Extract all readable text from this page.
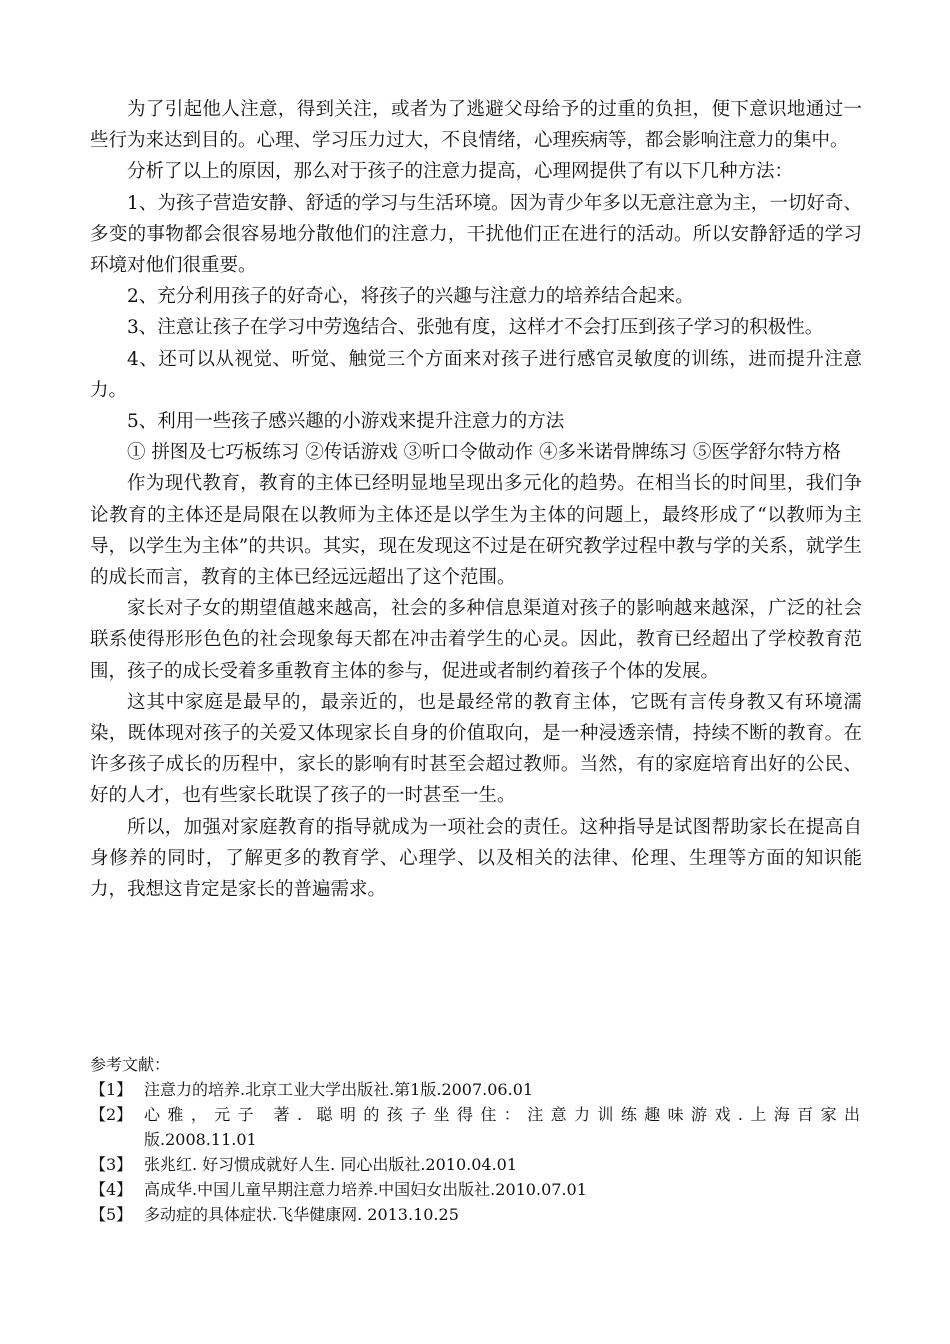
为了引起他人注意，得到关注，或者为了逃避父母给予的过重的负担，便下意识地通过一些行为来达到目的。心理、学习压力过大，不良情绪，心理疾病等，都会影响注意力的集中。

分析了以上的原因，那么对于孩子的注意力提高，心理网提供了有以下几种方法：

1、为孩子营造安静、舒适的学习与生活环境。因为青少年多以无意注意为主，一切好奇、多变的事物都会很容易地分散他们的注意力，干扰他们正在进行的活动。所以安静舒适的学习环境对他们很重要。

2、充分利用孩子的好奇心，将孩子的兴趣与注意力的培养结合起来。

3、注意让孩子在学习中劳逸结合、张弛有度，这样才不会打压到孩子学习的积极性。

4、还可以从视觉、听觉、触觉三个方面来对孩子进行感官灵敏度的训练，进而提升注意力。

5、利用一些孩子感兴趣的小游戏来提升注意力的方法

① 拼图及七巧板练习 ②传话游戏 ③听口令做动作 ④多米诺骨牌练习 ⑤医学舒尔特方格

作为现代教育，教育的主体已经明显地呈现出多元化的趋势。在相当长的时间里，我们争论教育的主体还是局限在以教师为主体还是以学生为主体的问题上，最终形成了“以教师为主导，以学生为主体”的共识。其实，现在发现这不过是在研究教学过程中教与学的关系，就学生的成长而言，教育的主体已经远远超出了这个范围。

家长对子女的期望值越来越高，社会的多种信息渠道对孩子的影响越来越深，广泛的社会联系使得形形色色的社会现象每天都在冲击着学生的心灵。因此，教育已经超出了学校教育范围，孩子的成长受着多重教育主体的参与，促进或者制约着孩子个体的发展。

这其中家庭是最早的，最亲近的，也是最经常的教育主体，它既有言传身教又有环境濡染，既体现对孩子的关爱又体现家长自身的价值取向，是一种浸透亲情，持续不断的教育。在许多孩子成长的历程中，家长的影响有时甚至会超过教师。当然，有的家庭培育出好的公民、好的人才，也有些家长耽误了孩子的一时甚至一生。

所以，加强对家庭教育的指导就成为一项社会的责任。这种指导是试图帮助家长在提高自身修养的同时，了解更多的教育学、心理学、以及相关的法律、伦理、生理等方面的知识能力，我想这肯定是家长的普遍需求。

参考文献：

【1】 注意力的培养.北京工业大学出版社.第1版.2007.06.01
【2】 心雅，元子 著. 聪明的孩子坐得住：注意力训练趣味游戏.上海百家出
版.2008.11.01
【3】 张兆红. 好习惯成就好人生. 同心出版社.2010.04.01
【4】 高成华.中国儿童早期注意力培养.中国妇女出版社.2010.07.01
【5】 多动症的具体症状.飞华健康网. 2013.10.25
